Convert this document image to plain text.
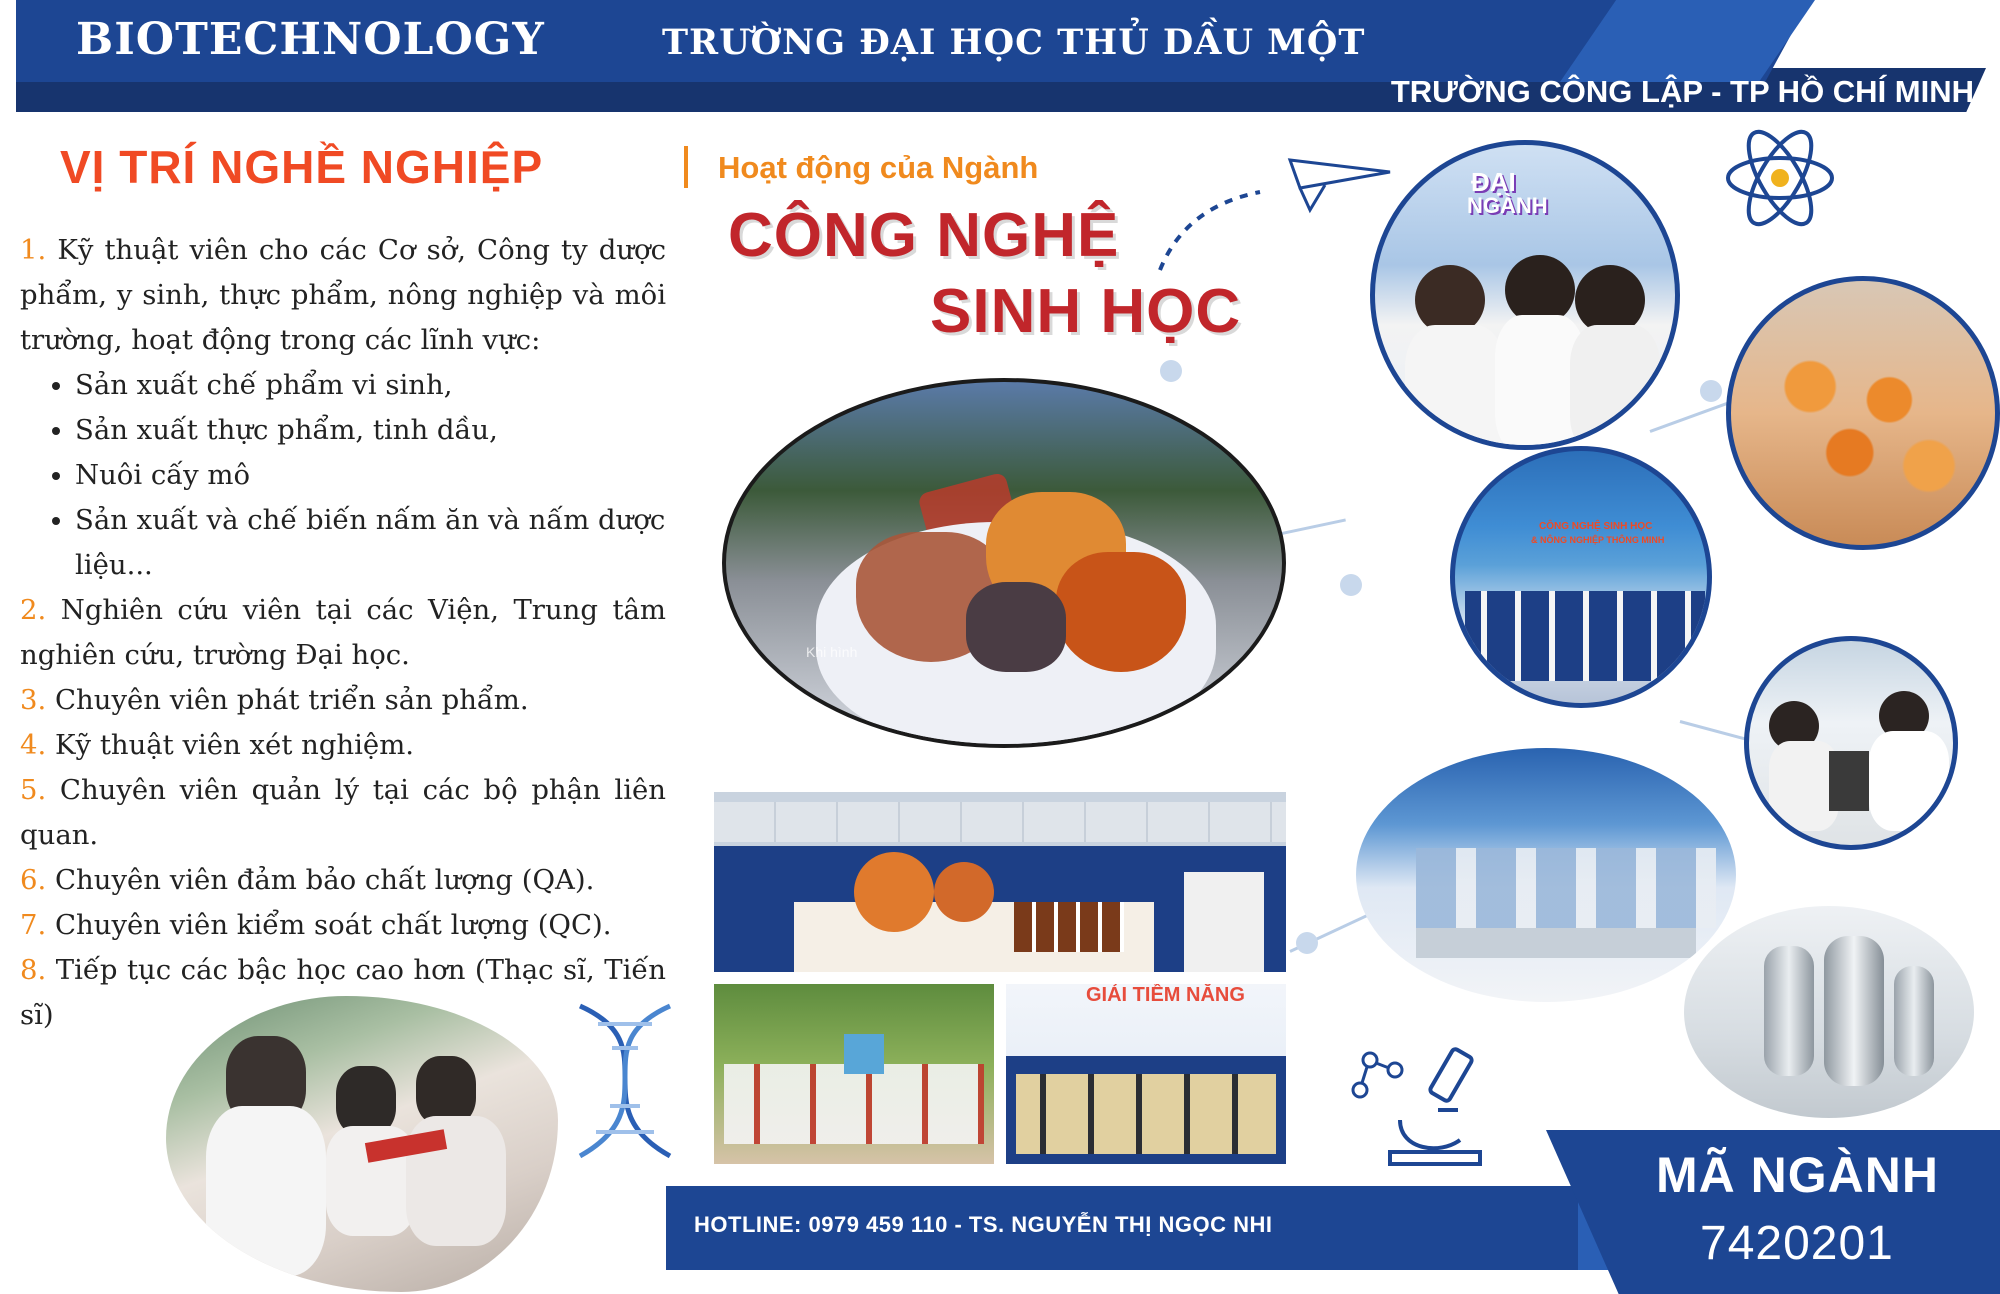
BIOTECHNOLOGY	TRƯỜNG ĐẠI HỌC THỦ DẦU MỘT
TRƯỜNG CÔNG LẬP - TP HỒ CHÍ MINH
VỊ TRÍ NGHỀ NGHIỆP

1. Kỹ thuật viên cho các Cơ sở, Công ty dược phẩm, y sinh, thực phẩm, nông nghiệp và môi trường, hoạt động trong các lĩnh vực:

• Sản xuất chế phẩm vi sinh,
• Sản xuất thực phẩm, tinh dầu,
• Nuôi cấy mô
• Sản xuất và chế biến nấm ăn và nấm dược liệu...

2. Nghiên cứu viên tại các Viện, Trung tâm nghiên cứu, trường Đại học.

3. Chuyên viên phát triển sản phẩm.

4. Kỹ thuật viên xét nghiệm.

5. Chuyên viên quản lý tại các bộ phận liên quan.

6. Chuyên viên đảm bảo chất lượng (QA).

7. Chuyên viên kiểm soát chất lượng (QC).

8. Tiếp tục các bậc học cao hơn (Thạc sĩ, Tiến sĩ)

Hoạt động của Ngành
CÔNG NGHỆ
SINH HỌC
Khi hình
GIẢI TIỀM NĂNG
ĐẠI
NGÀNH
CÔNG NGHỆ SINH HỌC
& NÔNG NGHIỆP THÔNG MINH
HOTLINE: 0979 459 110 - TS. NGUYỄN THỊ NGỌC NHI
MÃ NGÀNH
7420201
